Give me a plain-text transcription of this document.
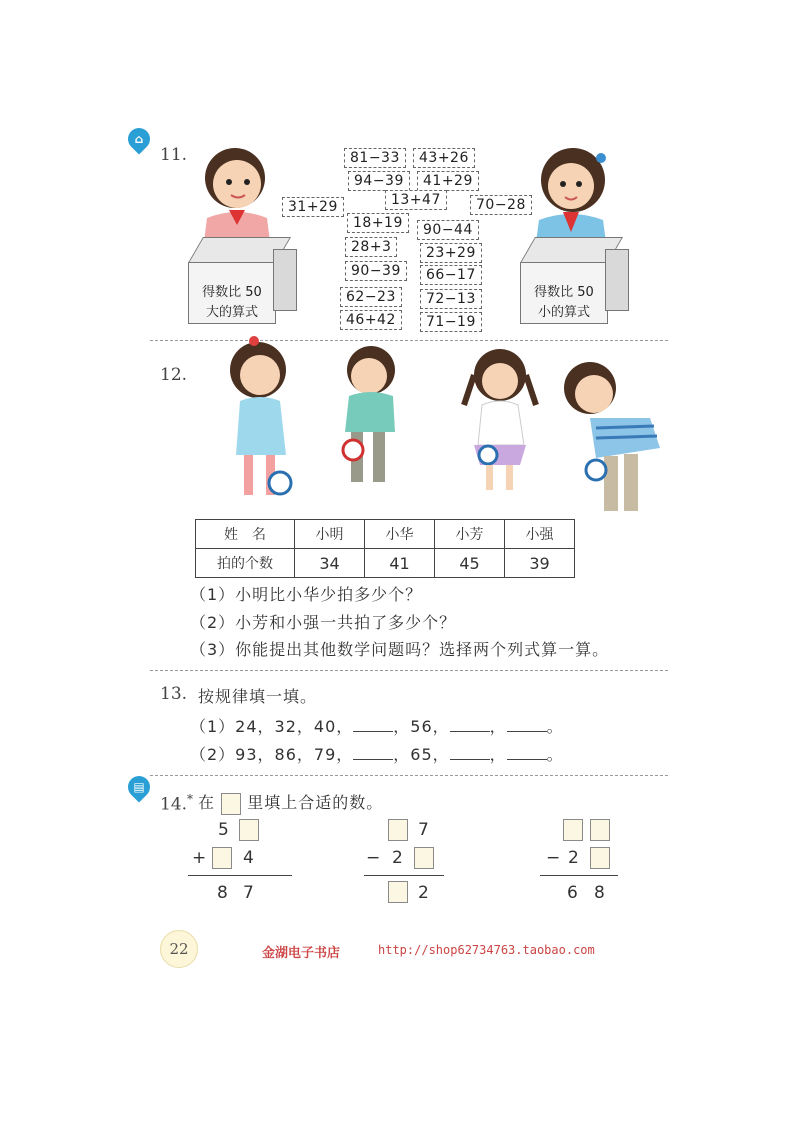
⌂
11.
31+29	70−28
81−33	43+26
94−39	41+29
13+47
18+19	90−44
28+3	23+29
90−39	66−17
62−23	72−13
46+42	71−19
得数比 50
大的算式
得数比 50
小的算式
12.
姓　名	小明	小华	小芳	小强
拍的个数	34	41	45	39
（1）小明比小华少拍多少个？
（2）小芳和小强一共拍了多少个？
（3）你能提出其他数学问题吗？选择两个列式算一算。
13. 按规律填一填。
（1）24，32，40，	，56，	，	。
（2）93，86，79，	，65，	，	。
▤
14.* 在 里填上合适的数。
5
+ 4
8 7
7
− 2
2
− 2
6 8
22	金湖电子书店	http://shop62734763.taobao.com
